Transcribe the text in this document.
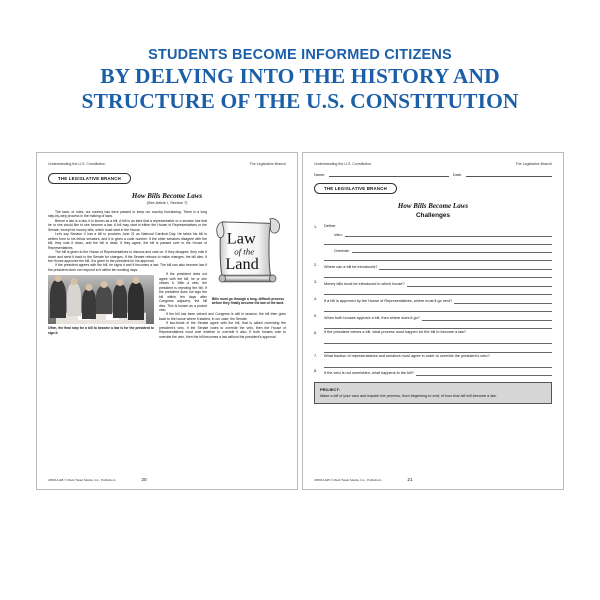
STUDENTS BECOME INFORMED CITIZENS
BY DELVING INTO THE HISTORY AND
STRUCTURE OF THE U.S. CONSTITUTION
Understanding the U.S. Constitution	The Legislative Branch
THE LEGISLATIVE BRANCH
How Bills Become Laws
(See Article I, Section 7)
Law
of the
Land
Bills must go through a long, difficult process before they finally become the law of the land.

The laws, or rules, our country has were passed to keep our country functioning. There is a long step-by-step process in the making of laws.

Before a law is a law, it is known as a bill. A bill is an idea that a representative or a senator has that he or she would like to see become a law. A bill may start in either the House of Representatives or the Senate, except for money bills, which must start in the House.

Let's say Senator X has a bill to proclaim June 21 as National Cardinal Day. He takes his bill in written form to his fellow senators, and it is given a code number. If the other senators disagree with the bill, they vote it down, and the bill is dead. If they agree, the bill is passed over to the House of Representatives.

The bill is given to the House of Representatives to discuss and vote on. If they disagree, they vote it down and send it back to the Senate for changes. If the Senate refuses to make changes, the bill dies. If the House approves the bill, it is given to the president for his approval.

If the president agrees with the bill, he signs it and it becomes a law. The bill can also become law if the president does not respond to it within ten working days.

Often, the final step for a bill to become a law is for the president to sign it.

If the president does not agree with the bill, he or she vetoes it. With a veto, the president is rejecting the bill. If the president does not sign the bill within ten days after Congress adjourns, the bill dies. This is known as a pocket veto.

If the bill has been vetoed and Congress is still in session, the bill then goes back to the house where it started, in our case, the Senate.

If two-thirds of the Senate agree with the bill, that is called overriding the president's veto. If the Senate votes to override the veto, then the House of Representatives must vote whether to override it also. If both houses vote to override the veto, then the bill becomes a law without the president's approval.

405014-EB © Mark Twain Media, Inc., Publishers	20
Understanding the U.S. Constitution	The Legislative Branch
Name:	Date:
THE LEGISLATIVE BRANCH
How Bills Become Laws
Challenges
1.	Define:
Veto:
Override:
2.	Where can a bill be introduced?
3.	Money bills must be introduced in which house?
4.	If a bill is approved by the House of Representatives, where must it go next?
5.	When both houses approve a bill, then where does it go?
6.	If the president vetoes a bill, what process must happen for the bill to become a law?
7.	What fraction of representatives and senators must agree in order to override the president's veto?
8.	If the veto is not overridden, what happens to the bill?
PROJECT:
Make a bill of your own and explain the process, from beginning to end, of how that bill will become a law.
405014-EB © Mark Twain Media, Inc., Publishers	21
